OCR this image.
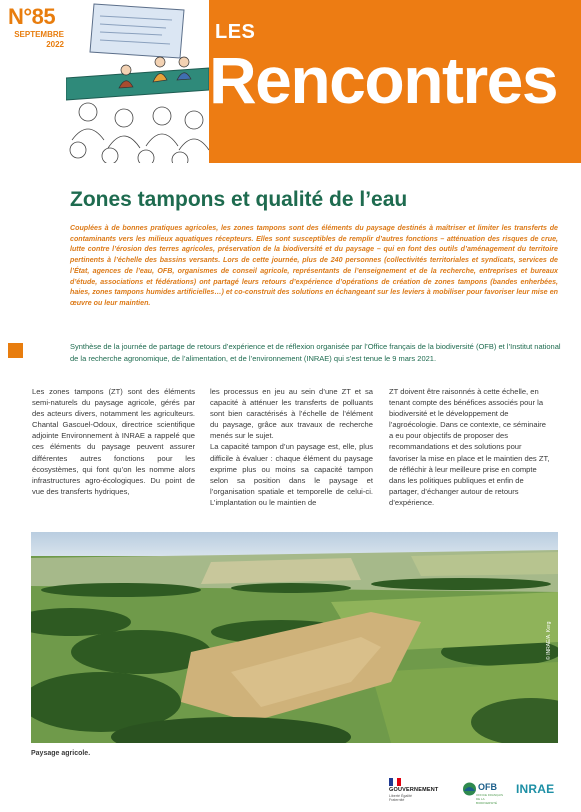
N°85
SEPTEMBRE
2022
LES
Rencontres
Zones tampons et qualité de l’eau

Couplées à de bonnes pratiques agricoles, les zones tampons sont des éléments du paysage destinés à maîtriser et limiter les transferts de contaminants vers les milieux aquatiques récepteurs. Elles sont susceptibles de remplir d’autres fonctions – atténuation des risques de crue, lutte contre l’érosion des terres agricoles, préservation de la biodiversité et du paysage – qui en font des outils d’aménagement du territoire pertinents à l’échelle des bassins versants. Lors de cette journée, plus de 240 personnes (collectivités territoriales et syndicats, services de l’État, agences de l’eau, OFB, organismes de conseil agricole, représentants de l’enseignement et de la recherche, entreprises et bureaux d’étude, associations et fédérations) ont partagé leurs retours d’expérience d’opérations de création de zones tampons (bandes enherbées, haies, zones tampons humides artificielles…) et co-construit des solutions en échangeant sur les leviers à mobiliser pour favoriser leur mise en œuvre ou leur maintien.

Synthèse de la journée de partage de retours d’expérience et de réflexion organisée par l’Office français de la biodiversité (OFB) et l’Institut national de la recherche agronomique, de l’alimentation, et de l’environnement (INRAE) qui s’est tenue le 9 mars 2021.

Les zones tampons (ZT) sont des éléments semi-naturels du paysage agricole, gérés par des acteurs divers, notamment les agriculteurs. Chantal Gascuel-Odoux, directrice scientifique adjointe Environnement à INRAE a rappelé que ces éléments du paysage peuvent assurer différentes autres fonctions pour les écosystèmes, qui font qu’on les nomme alors infrastructures agro-écologiques. Du point de vue des transferts hydriques,

les processus en jeu au sein d’une ZT et sa capacité à atténuer les transferts de polluants sont bien caractérisés à l’échelle de l’élément du paysage, grâce aux travaux de recherche menés sur le sujet.

La capacité tampon d’un paysage est, elle, plus difficile à évaluer : chaque élément du paysage exprime plus ou moins sa capacité tampon selon sa position dans le paysage et l’organisation spatiale et temporelle de celui-ci. L’implantation ou le maintien de

ZT doivent être raisonnés à cette échelle, en tenant compte des bénéfices associés pour la biodiversité et le développement de l’agroécologie. Dans ce contexte, ce séminaire a eu pour objectifs de proposer des recommandations et des solutions pour favoriser la mise en place et le maintien des ZT, de réfléchir à leur meilleure prise en compte dans les politiques publiques et enfin de partager, d’échanger autour de retours d’expérience.

© INRAE/A. Kerg
Paysage agricole.
GOUVERNEMENT
Liberté Égalité Fraternité
OFB
OFFICE FRANÇAIS DE LA BIODIVERSITÉ
INRAE
